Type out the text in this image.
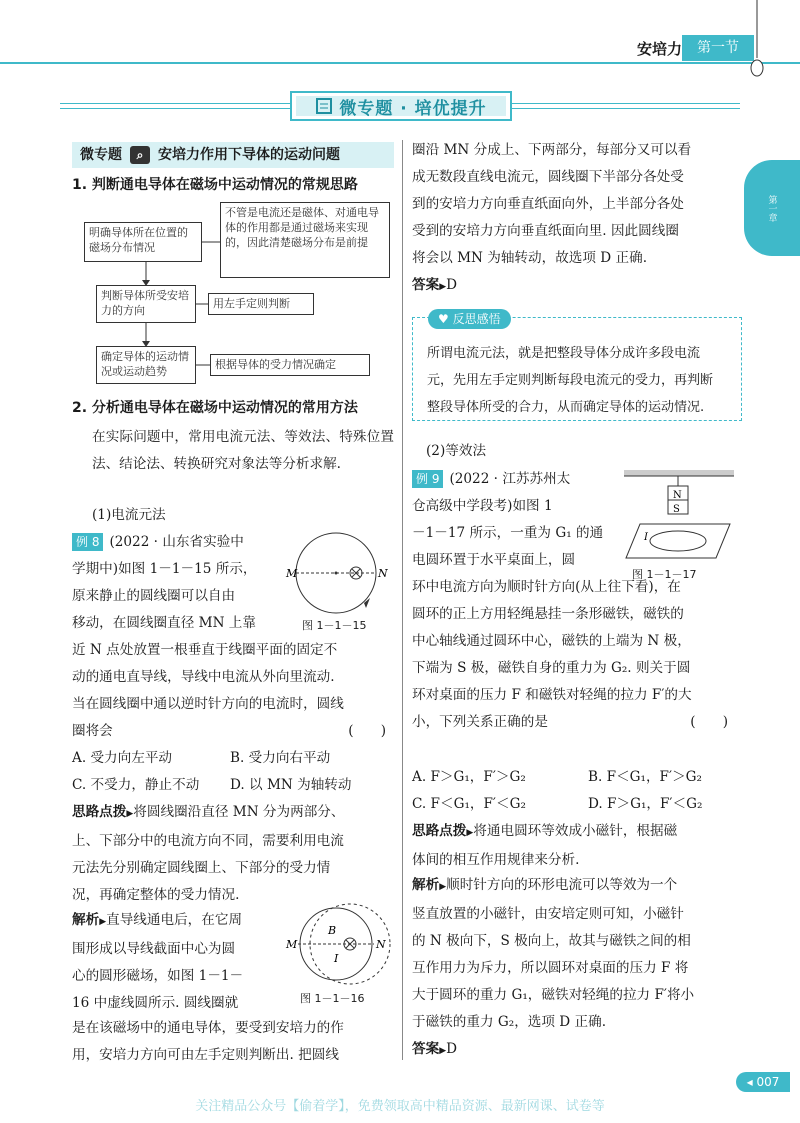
安培力	第一节
第一章
微专题 · 培优提升
微专题 ⌕ 安培力作用下导体的运动问题
1. 判断通电导体在磁场中运动情况的常规思路
明确导体所在位置的磁场分布情况
不管是电流还是磁体、对通电导体的作用都是通过磁场来实现的，因此清楚磁场分布是前提
判断导体所受安培力的方向
用左手定则判断
确定导体的运动情况或运动趋势
根据导体的受力情况确定
2. 分析通电导体在磁场中运动情况的常用方法

在实际问题中，常用电流元法、等效法、特殊位置法、结论法、转换研究对象法等分析求解.

(1)电流元法

例 8 (2022 · 山东省实验中

学期中)如图 1－1－15 所示，

原来静止的圆线圈可以自由

移动，在圆线圈直径 MN 上靠

M	N
图 1－1－15

近 N 点处放置一根垂直于线圈平面的固定不

动的通电直导线，导线中电流从外向里流动.

当在圆线圈中通以逆时针方向的电流时，圆线

圈将会	(　　)

A. 受力向左平动	B. 受力向右平动

C. 不受力，静止不动 D. 以 MN 为轴转动

思路点拨▶将圆线圈沿直径 MN 分为两部分、

上、下部分中的电流方向不同，需要利用电流

元法先分别确定圆线圈上、下部分的受力情

况，再确定整体的受力情况.

解析▶直导线通电后，在它周

围形成以导线截面中心为圆

心的圆形磁场，如图 1－1－

16 中虚线圆所示. 圆线圈就

M	N
B
I
图 1－1－16

是在该磁场中的通电导体，要受到安培力的作

用，安培力方向可由左手定则判断出. 把圆线

圈沿 MN 分成上、下两部分，每部分又可以看

成无数段直线电流元，圆线圈下半部分各处受

到的安培力方向垂直纸面向外，上半部分各处

受到的安培力方向垂直纸面向里. 因此圆线圈

将会以 MN 为轴转动，故选项 D 正确.

答案▶D

所谓电流元法，就是把整段导体分成许多段电流

元，先用左手定则判断每段电流元的受力，再判断

整段导体所受的合力，从而确定导体的运动情况.

♥ 反思感悟

(2)等效法

例 9 (2022 · 江苏苏州太

仓高级中学段考)如图 1

－1－17 所示，一重为 G₁ 的通

电圆环置于水平桌面上，圆

N
S
I
图 1－1－17

环中电流方向为顺时针方向(从上往下看)，在

圆环的正上方用轻绳悬挂一条形磁铁，磁铁的

中心轴线通过圆环中心，磁铁的上端为 N 极，

下端为 S 极，磁铁自身的重力为 G₂. 则关于圆

环对桌面的压力 F 和磁铁对轻绳的拉力 F′的大

小，下列关系正确的是	(　　)

A. F＞G₁，F′＞G₂	B. F＜G₁，F′＞G₂

C. F＜G₁，F′＜G₂	D. F＞G₁，F′＜G₂

思路点拨▶将通电圆环等效成小磁针，根据磁

体间的相互作用规律来分析.

解析▶顺时针方向的环形电流可以等效为一个

竖直放置的小磁针，由安培定则可知，小磁针

的 N 极向下，S 极向上，故其与磁铁之间的相

互作用力为斥力，所以圆环对桌面的压力 F 将

大于圆环的重力 G₁，磁铁对轻绳的拉力 F′将小

于磁铁的重力 G₂，选项 D 正确.

答案▶D

◂ 007
关注精品公众号【偷着学】，免费领取高中精品资源、最新网课、试卷等
